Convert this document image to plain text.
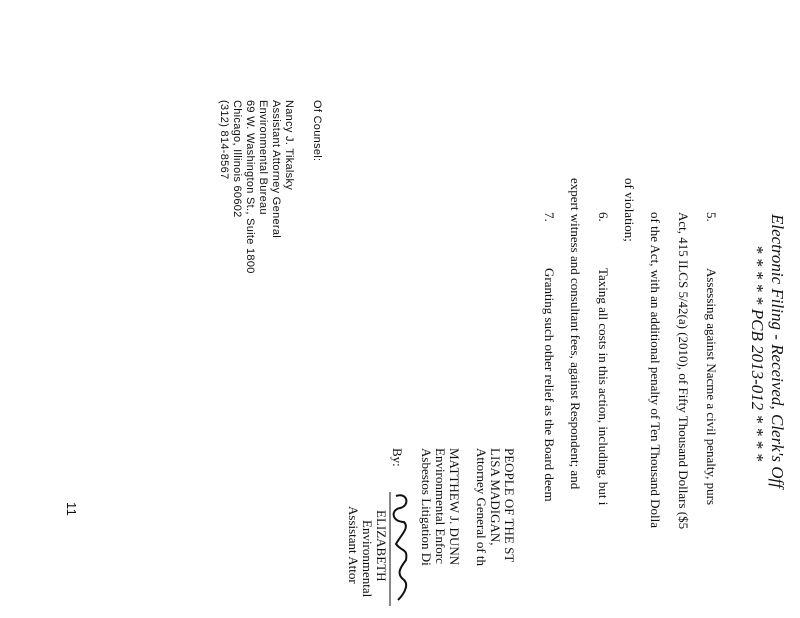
Electronic Filing - Received, Clerk's Off
* * * * * PCB 2013-012 * * * *
5.
Assessing against Nacme a civil penalty, purs
Act, 415 ILCS 5/42(a) (2010), of Fifty Thousand Dollars ($5
of the Act, with an additional penalty of Ten Thousand Dolla
of violation;
6.
Taxing all costs in this action, including, but i
expert witness and consultant fees, against Respondent; and
7.
Granting such other relief as the Board deem
PEOPLE OF THE ST
LISA MADIGAN,
Attorney General of th
MATTHEW J. DUNN
Environmental Enforc
Asbestos Litigation Di
By:
ELIZABETH
Environmental
Assistant Attor
Of Counsel:
Nancy J. Tikalsky
Assistant Attorney General
Environmental Bureau
69 W. Washington St., Suite 1800
Chicago, Illinois 60602
(312) 814-8567
11
